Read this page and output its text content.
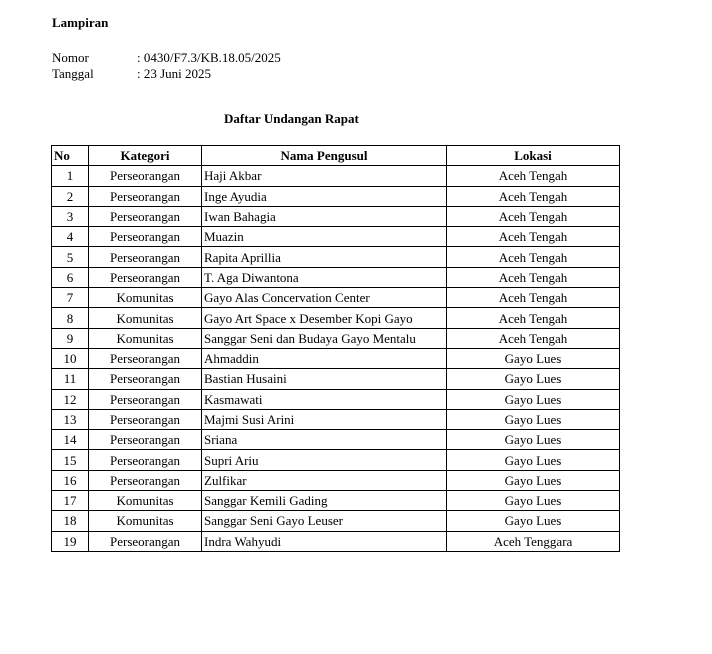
Lampiran
Nomor	: 0430/F7.3/KB.18.05/2025
Tanggal	: 23 Juni 2025
Daftar Undangan Rapat
No	Kategori	Nama Pengusul	Lokasi
1	Perseorangan	Haji Akbar	Aceh Tengah
2	Perseorangan	Inge Ayudia	Aceh Tengah
3	Perseorangan	Iwan Bahagia	Aceh Tengah
4	Perseorangan	Muazin	Aceh Tengah
5	Perseorangan	Rapita Aprillia	Aceh Tengah
6	Perseorangan	T. Aga Diwantona	Aceh Tengah
7	Komunitas	Gayo Alas Concervation Center	Aceh Tengah
8	Komunitas	Gayo Art Space x Desember Kopi Gayo	Aceh Tengah
9	Komunitas	Sanggar Seni dan Budaya Gayo Mentalu	Aceh Tengah
10	Perseorangan	Ahmaddin	Gayo Lues
11	Perseorangan	Bastian Husaini	Gayo Lues
12	Perseorangan	Kasmawati	Gayo Lues
13	Perseorangan	Majmi Susi Arini	Gayo Lues
14	Perseorangan	Sriana	Gayo Lues
15	Perseorangan	Supri Ariu	Gayo Lues
16	Perseorangan	Zulfikar	Gayo Lues
17	Komunitas	Sanggar Kemili Gading	Gayo Lues
18	Komunitas	Sanggar Seni Gayo Leuser	Gayo Lues
19	Perseorangan	Indra Wahyudi	Aceh Tenggara
